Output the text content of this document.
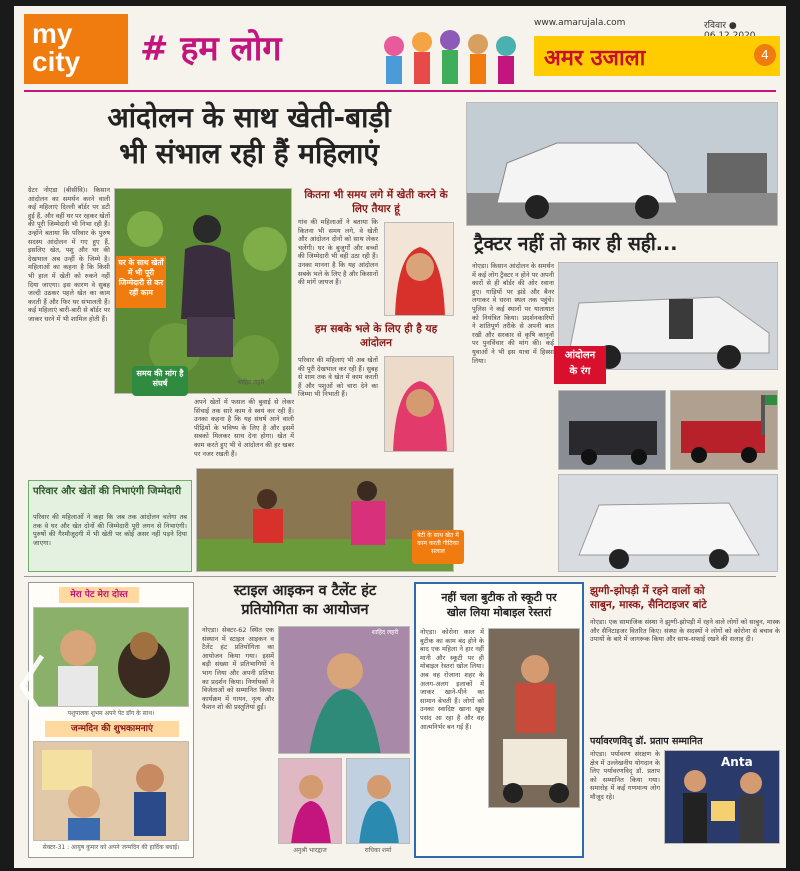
my city	# हम लोग
www.amarujala.com	रविवार ●
अमर उजाला	4
आंदोलन के साथ खेती-बाड़ी
भी संभाल रही हैं महिलाएं
ग्रेटर नोएडा (बीसीवि)। किसान आंदोलन का समर्थन करने वाली कई महिलाएं दिल्ली बॉर्डर पर डटी हुई हैं, और वहीं घर पर रहकर खेतों की पूरी जिम्मेदारी भी निभा रही हैं। उन्होंने बताया कि परिवार के पुरुष सदस्य आंदोलन में गए हुए हैं, इसलिए खेत, पशु और घर की देखभाल अब उन्हीं के जिम्मे है। महिलाओं का कहना है कि किसी भी हाल में खेती को रुकने नहीं दिया जाएगा। इस कारण वे सुबह जल्दी उठकर पहले खेत का काम करती हैं और फिर घर संभालती हैं। कई महिलाएं बारी-बारी से बॉर्डर पर जाकर धरने में भी शामिल होती हैं।
घर के साथ खेतों में भी पूरी जिम्मेदारी से कर रहीं काम
समय की मांग है संघर्ष	शाहिद लहरी
अपने खेतों में फसल की बुवाई से लेकर सिंचाई तक सारे काम वे स्वयं कर रही हैं। उनका कहना है कि यह संघर्ष आने वाली पीढ़ियों के भविष्य के लिए है और इसमें सबको मिलकर साथ देना होगा। खेत में काम करते हुए भी वे आंदोलन की हर खबर पर नजर रखती हैं।
कितना भी समय लगे में खेती करने के लिए तैयार हूं
गांव की महिलाओं ने बताया कि कितना भी समय लगे, वे खेती और आंदोलन दोनों को साथ लेकर चलेंगी। घर के बुजुर्गों और बच्चों की जिम्मेदारी भी वही उठा रही हैं। उनका मानना है कि यह आंदोलन सबके भले के लिए है और किसानों की मांगें जायज हैं।
हम सबके भले के लिए ही है यह आंदोलन
परिवार की महिलाएं भी अब खेतों की पूरी देखभाल कर रही हैं। सुबह से शाम तक वे खेत में काम करती हैं और पशुओं को चारा देने का जिम्मा भी निभाती हैं।
परिवार और खेतों की निभाएंगी जिम्मेदारी
परिवार की महिलाओं ने कहा कि जब तक आंदोलन चलेगा तब तक वे घर और खेत दोनों की जिम्मेदारी पूरी लगन से निभाएंगी। पुरुषों की गैरमौजूदगी में भी खेती पर कोई असर नहीं पड़ने दिया जाएगा।
बेटी के साथ खेत में काम करती गीतिका सलाल
ट्रैक्टर नहीं तो कार ही सही...
नोएडा। किसान आंदोलन के समर्थन में कई लोग ट्रैक्टर न होने पर अपनी कारों से ही बॉर्डर की ओर रवाना हुए। गाड़ियों पर झंडे और बैनर लगाकर वे धरना स्थल तक पहुंचे। पुलिस ने कई स्थानों पर यातायात को नियंत्रित किया। प्रदर्शनकारियों ने शांतिपूर्ण तरीके से अपनी बात रखी और सरकार से कृषि कानूनों पर पुनर्विचार की मांग की। कई युवाओं ने भी इस यात्रा में हिस्सा लिया।	आंदोलन
के रंग
मेरा पेट मेरा दोस्त
पशुपालक शुभम अपने पेट डॉग के साथ।
जन्मदिन की शुभकामनाएं
सेक्टर-31 : आयुष कुमार को अपने जन्मदिन की हार्दिक बधाई।
स्टाइल आइकन व टैलेंट हंट
प्रतियोगिता का आयोजन
नोएडा। सेक्टर-62 स्थित एक संस्थान में स्टाइल आइकन व टैलेंट हंट प्रतियोगिता का आयोजन किया गया। इसमें बड़ी संख्या में प्रतिभागियों ने भाग लिया और अपनी प्रतिभा का प्रदर्शन किया। निर्णायकों ने विजेताओं को सम्मानित किया। कार्यक्रम में गायन, नृत्य और फैशन शो की प्रस्तुतियां हुईं।
शाहिद लहरी
अनुश्री भारद्वाज	राधिका शर्मा
नहीं चला बुटीक तो स्कूटी पर
खोल लिया मोबाइल रेस्तरां
नोएडा। कोरोना काल में बुटीक का काम बंद होने के बाद एक महिला ने हार नहीं मानी और स्कूटी पर ही मोबाइल रेस्तरां खोल लिया। अब वह रोजाना शहर के अलग-अलग इलाकों में जाकर खाने-पीने का सामान बेचती हैं। लोगों को उनका स्वादिष्ट खाना खूब पसंद आ रहा है और वह आत्मनिर्भर बन गई हैं।
झुग्गी-झोपड़ी में रहने वालों को
साबुन, मास्क, सैनिटाइजर बांटे
नोएडा। एक सामाजिक संस्था ने झुग्गी-झोपड़ी में रहने वाले लोगों को साबुन, मास्क और सैनिटाइजर वितरित किए। संस्था के सदस्यों ने लोगों को कोरोना से बचाव के उपायों के बारे में जागरूक किया और साफ-सफाई रखने की सलाह दी।
पर्यावरणविद् डॉ. प्रताप सम्मानित
नोएडा। पर्यावरण संरक्षण के क्षेत्र में उल्लेखनीय योगदान के लिए पर्यावरणविद् डॉ. प्रताप को सम्मानित किया गया। समारोह में कई गणमान्य लोग मौजूद रहे।
Anta
